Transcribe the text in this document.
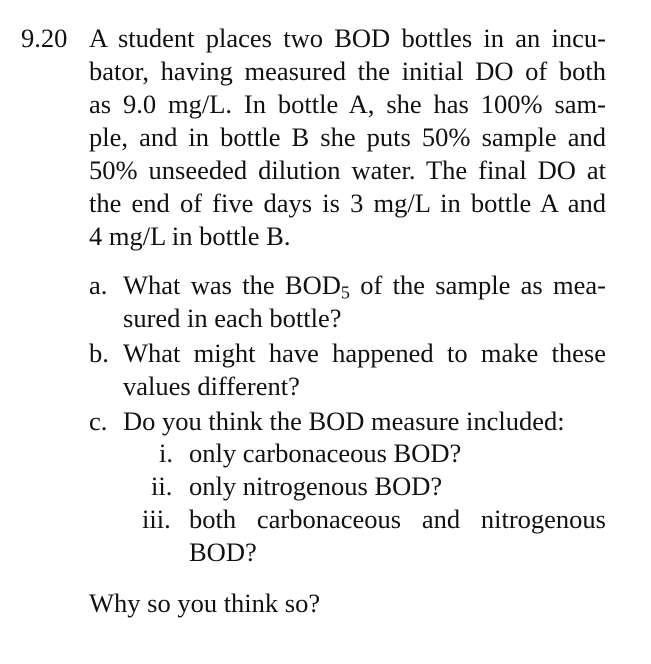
9.20 A student places two BOD bottles in an incu-
bator, having measured the initial DO of both
as 9.0 mg/L. In bottle A, she has 100% sam-
ple, and in bottle B she puts 50% sample and
50% unseeded dilution water. The final DO at
the end of five days is 3 mg/L in bottle A and
4 mg/L in bottle B.
a. What was the $BOD_5$ of the sample as mea-
sured in each bottle?
b. What might have happened to make these
values different?
c. Do you think the BOD measure included:
i. only carbonaceous BOD?
ii. only nitrogenous BOD?
iii. both carbonaceous and nitrogenous
BOD?
Why so you think so?
